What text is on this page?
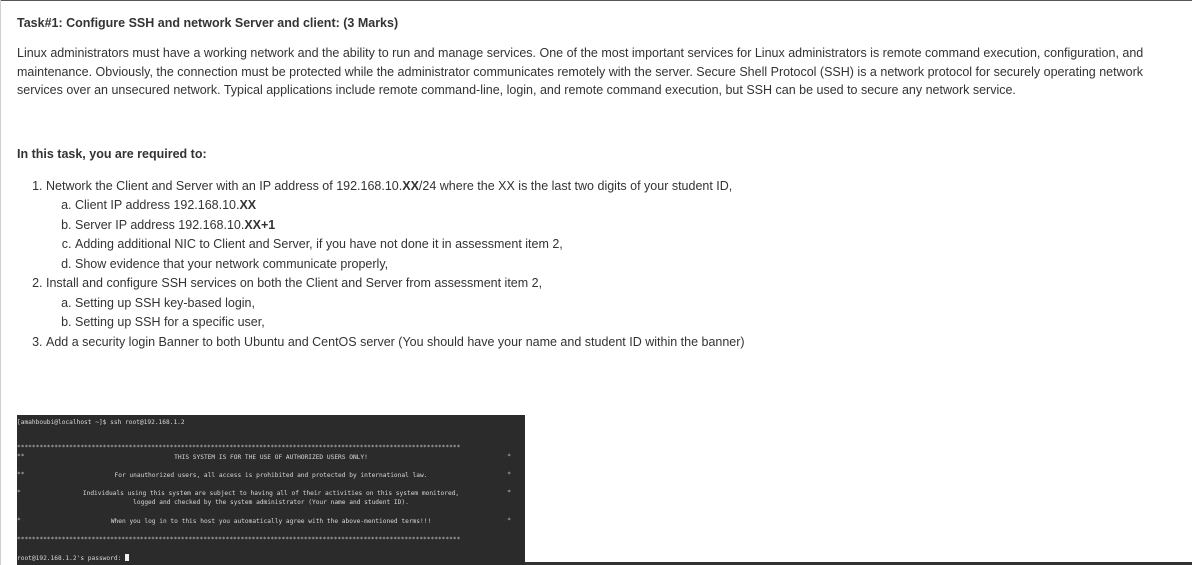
Task#1: Configure SSH and network Server and client: (3 Marks)

Linux administrators must have a working network and the ability to run and manage services. One of the most important services for Linux administrators is remote command execution, configuration, and maintenance. Obviously, the connection must be protected while the administrator communicates remotely with the server. Secure Shell Protocol (SSH) is a network protocol for securely operating network services over an unsecured network. Typical applications include remote command-line, login, and remote command execution, but SSH can be used to secure any network service.

In this task, you are required to:

1. Network the Client and Server with an IP address of 192.168.10.XX/24 where the XX is the last two digits of your student ID,
a. Client IP address 192.168.10.XX
b. Server IP address 192.168.10.XX+1
c. Adding additional NIC to Client and Server, if you have not done it in assessment item 2,
d. Show evidence that your network communicate properly,
2. Install and configure SSH services on both the Client and Server from assessment item 2,
a. Setting up SSH key-based login,
b. Setting up SSH for a specific user,
3. Add a security login Banner to both Ubuntu and CentOS server (You should have your name and student ID within the banner)
[amahboubi@localhost ~]$ ssh root@192.168.1.2
***********************************************************************************************************************
**	THIS SYSTEM IS FOR THE USE OF AUTHORIZED USERS ONLY!	*
**	For unauthorized users, all access is prohibited and protected by international law.	*
*	Individuals using this system are subject to having all of their activities on this system monitored,
logged and checked by the system administrator (Your name and student ID).
*
*	When you log in to this host you automatically agree with the above-mentioned terms!!!	*
***********************************************************************************************************************
root@192.168.1.2's password:
